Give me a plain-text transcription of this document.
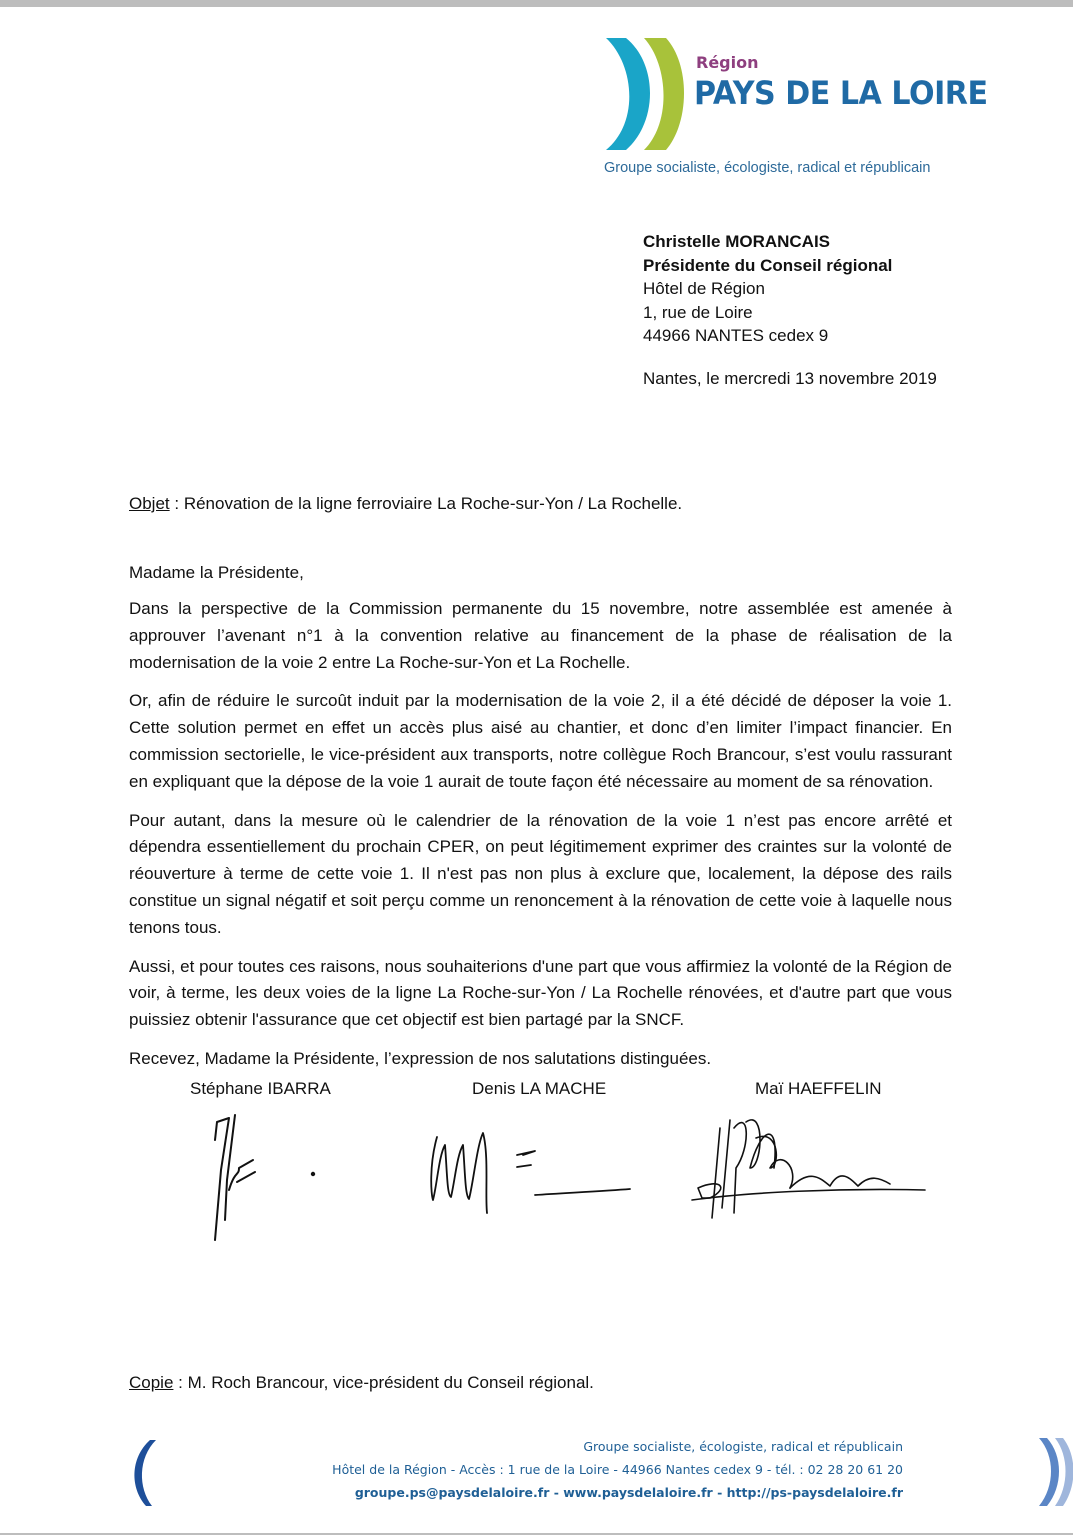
Région
PAYS DE LA LOIRE
Groupe socialiste, écologiste, radical et républicain
Christelle MORANCAIS
Présidente du Conseil régional
Hôtel de Région
1, rue de Loire
44966 NANTES cedex 9
Nantes, le mercredi 13 novembre 2019
Objet : Rénovation de la ligne ferroviaire La Roche-sur-Yon / La Rochelle.
Madame la Présidente,

Dans la perspective de la Commission permanente du 15 novembre, notre assemblée est amenée à approuver l’avenant n°1 à la convention relative au financement de la phase de réalisation de la modernisation de la voie 2 entre La Roche-sur-Yon et La Rochelle.

Or, afin de réduire le surcoût induit par la modernisation de la voie 2, il a été décidé de déposer la voie 1. Cette solution permet en effet un accès plus aisé au chantier, et donc d’en limiter l’impact financier. En commission sectorielle, le vice-président aux transports, notre collègue Roch Brancour, s’est voulu rassurant en expliquant que la dépose de la voie 1 aurait de toute façon été nécessaire au moment de sa rénovation.

Pour autant, dans la mesure où le calendrier de la rénovation de la voie 1 n’est pas encore arrêté et dépendra essentiellement du prochain CPER, on peut légitimement exprimer des craintes sur la volonté de réouverture à terme de cette voie 1. Il n'est pas non plus à exclure que, localement, la dépose des rails constitue un signal négatif et soit perçu comme un renoncement à la rénovation de cette voie à laquelle nous tenons tous.

Aussi, et pour toutes ces raisons, nous souhaiterions d'une part que vous affirmiez la volonté de la Région de voir, à terme, les deux voies de la ligne La Roche-sur-Yon / La Rochelle rénovées, et d'autre part que vous puissiez obtenir l'assurance que cet objectif est bien partagé par la SNCF.

Recevez, Madame la Présidente, l’expression de nos salutations distinguées.

Stéphane IBARRA	Denis LA MACHE	Maï HAEFFELIN
Copie : M. Roch Brancour, vice-président du Conseil régional.
Groupe socialiste, écologiste, radical et républicain
Hôtel de la Région - Accès : 1 rue de la Loire - 44966 Nantes cedex 9 - tél. : 02 28 20 61 20
groupe.ps@paysdelaloire.fr - www.paysdelaloire.fr - http://ps-paysdelaloire.fr
